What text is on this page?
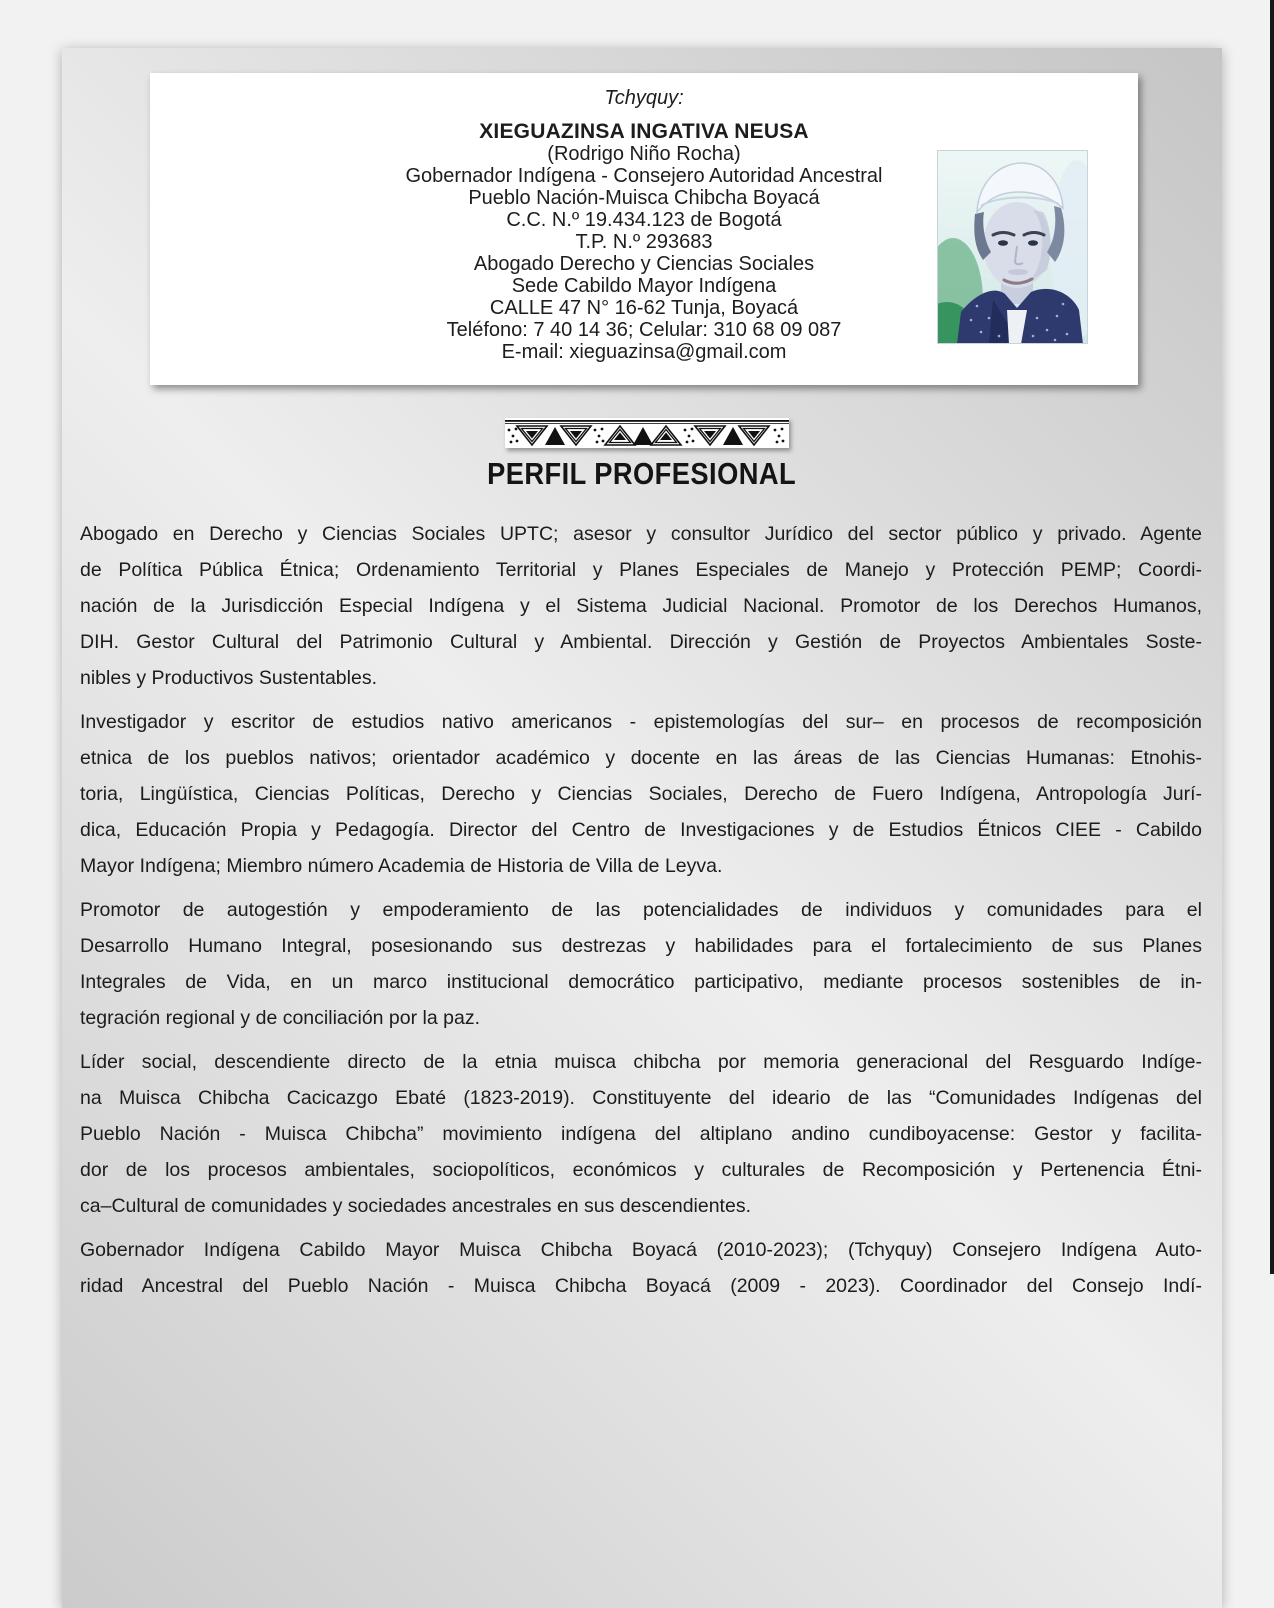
Tchyquy:
XIEGUAZINSA INGATIVA NEUSA
(Rodrigo Niño Rocha)
Gobernador Indígena - Consejero Autoridad Ancestral
Pueblo Nación-Muisca Chibcha Boyacá
C.C. N.º 19.434.123 de Bogotá
T.P. N.º 293683
Abogado Derecho y Ciencias Sociales
Sede Cabildo Mayor Indígena
CALLE 47 N° 16-62 Tunja, Boyacá
Teléfono: 7 40 14 36; Celular: 310 68 09 087
E-mail: xieguazinsa@gmail.com
PERFIL PROFESIONAL
Abogado en Derecho y Ciencias Sociales UPTC; asesor y consultor Jurídico del sector público y privado. Agente
de Política Pública Étnica; Ordenamiento Territorial y Planes Especiales de Manejo y Protección PEMP; Coordi-
nación de la Jurisdicción Especial Indígena y el Sistema Judicial Nacional. Promotor de los Derechos Humanos,
DIH. Gestor Cultural del Patrimonio Cultural y Ambiental. Dirección y Gestión de Proyectos Ambientales Soste-
nibles y Productivos Sustentables.
Investigador y escritor de estudios nativo americanos - epistemologías del sur– en procesos de recomposición
etnica de los pueblos nativos; orientador académico y docente en las áreas de las Ciencias Humanas: Etnohis-
toria, Lingüística, Ciencias Políticas, Derecho y Ciencias Sociales, Derecho de Fuero Indígena, Antropología Jurí-
dica, Educación Propia y Pedagogía. Director del Centro de Investigaciones y de Estudios Étnicos CIEE - Cabildo
Mayor Indígena; Miembro número Academia de Historia de Villa de Leyva.
Promotor de autogestión y empoderamiento de las potencialidades de individuos y comunidades para el
Desarrollo Humano Integral, posesionando sus destrezas y habilidades para el fortalecimiento de sus Planes
Integrales de Vida, en un marco institucional democrático participativo, mediante procesos sostenibles de in-
tegración regional y de conciliación por la paz.
Líder social, descendiente directo de la etnia muisca chibcha por memoria generacional del Resguardo Indíge-
na Muisca Chibcha Cacicazgo Ebaté (1823-2019). Constituyente del ideario de las “Comunidades Indígenas del
Pueblo Nación - Muisca Chibcha” movimiento indígena del altiplano andino cundiboyacense: Gestor y facilita-
dor de los procesos ambientales, sociopolíticos, económicos y culturales de Recomposición y Pertenencia Étni-
ca–Cultural de comunidades y sociedades ancestrales en sus descendientes.
Gobernador Indígena Cabildo Mayor Muisca Chibcha Boyacá (2010-2023); (Tchyquy) Consejero Indígena Auto-
ridad Ancestral del Pueblo Nación - Muisca Chibcha Boyacá (2009 - 2023). Coordinador del Consejo Indí-
